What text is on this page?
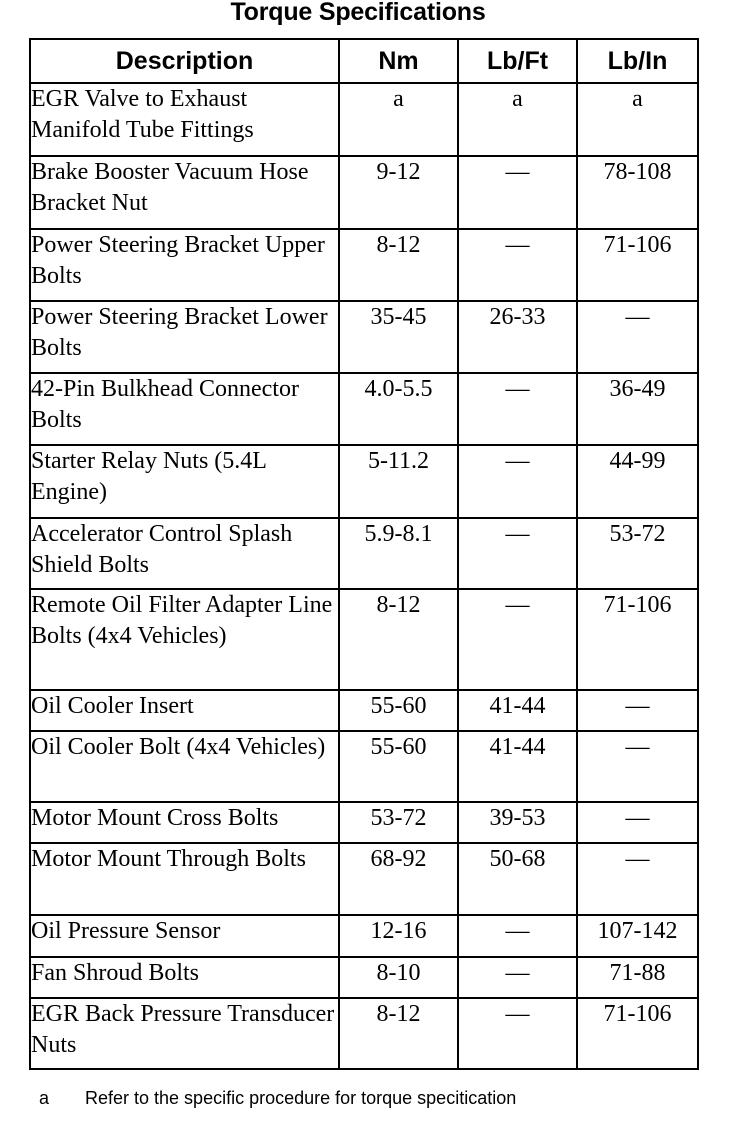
Torque Specifications
Description	Nm	Lb/Ft	Lb/In
EGR Valve to Exhaust Manifold Tube Fittings	a	a	a
Brake Booster Vacuum Hose Bracket Nut	9-12	—	78-108
Power Steering Bracket Upper Bolts	8-12	—	71-106
Power Steering Bracket Lower Bolts	35-45	26-33	—
42-Pin Bulkhead Connector Bolts	4.0-5.5	—	36-49
Starter Relay Nuts (5.4L Engine)	5-11.2	—	44-99
Accelerator Control Splash Shield Bolts	5.9-8.1	—	53-72
Remote Oil Filter Adapter Line Bolts (4x4 Vehicles)	8-12	—	71-106
Oil Cooler Insert	55-60	41-44	—
Oil Cooler Bolt (4x4 Vehicles)	55-60	41-44	—
Motor Mount Cross Bolts	53-72	39-53	—
Motor Mount Through Bolts	68-92	50-68	—
Oil Pressure Sensor	12-16	—	107-142
Fan Shroud Bolts	8-10	—	71-88
EGR Back Pressure Transducer Nuts	8-12	—	71-106
a Refer to the specific procedure for torque specitication
